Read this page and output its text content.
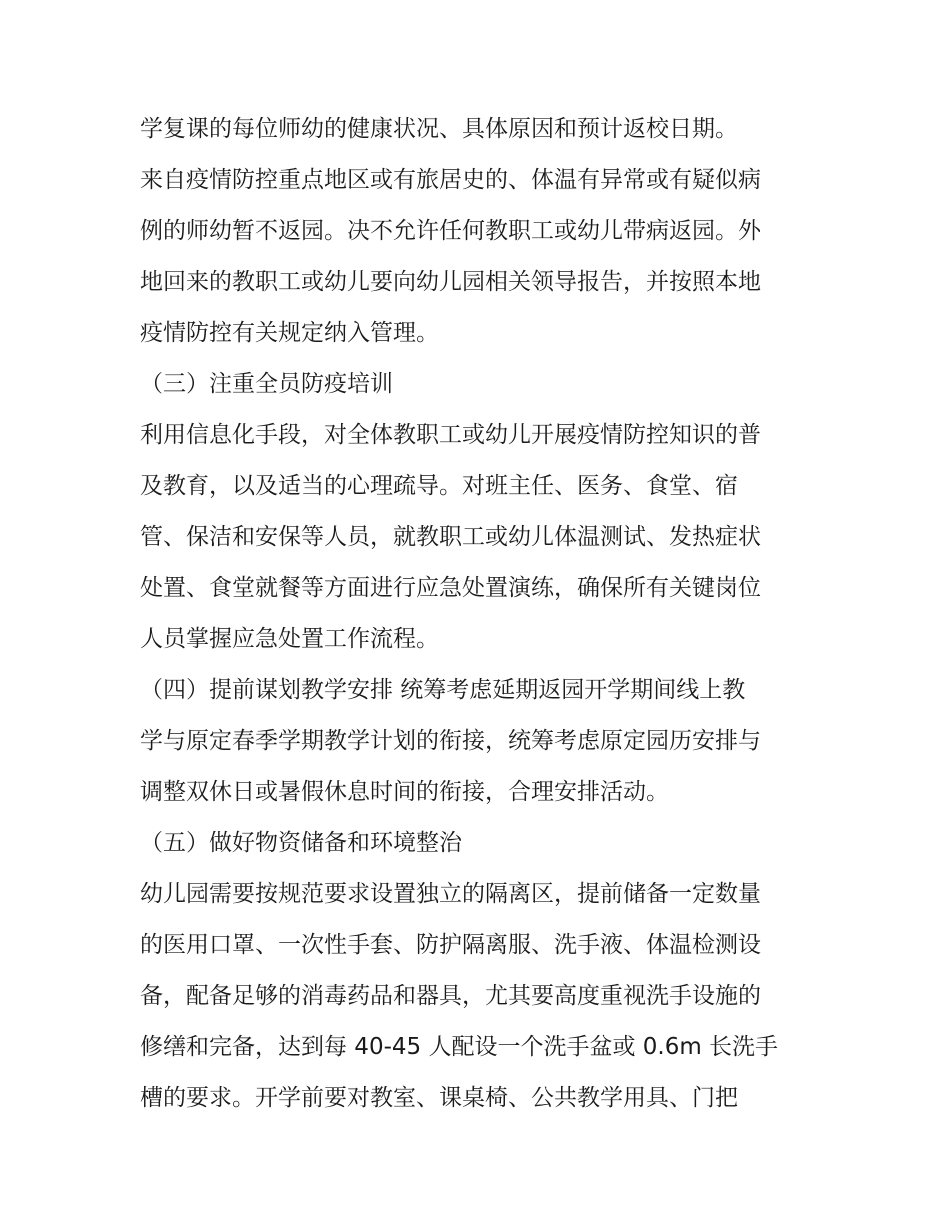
学复课的每位师幼的健康状况、具体原因和预计返校日期。
来自疫情防控重点地区或有旅居史的、体温有异常或有疑似病
例的师幼暂不返园。决不允许任何教职工或幼儿带病返园。外
地回来的教职工或幼儿要向幼儿园相关领导报告，并按照本地
疫情防控有关规定纳入管理。
（三）注重全员防疫培训
利用信息化手段，对全体教职工或幼儿开展疫情防控知识的普
及教育，以及适当的心理疏导。对班主任、医务、食堂、宿
管、保洁和安保等人员，就教职工或幼儿体温测试、发热症状
处置、食堂就餐等方面进行应急处置演练，确保所有关键岗位
人员掌握应急处置工作流程。
（四）提前谋划教学安排 统筹考虑延期返园开学期间线上教
学与原定春季学期教学计划的衔接，统筹考虑原定园历安排与
调整双休日或暑假休息时间的衔接，合理安排活动。
（五）做好物资储备和环境整治
幼儿园需要按规范要求设置独立的隔离区，提前储备一定数量
的医用口罩、一次性手套、防护隔离服、洗手液、体温检测设
备，配备足够的消毒药品和器具，尤其要高度重视洗手设施的
修缮和完备，达到每 40-45 人配设一个洗手盆或 0.6m 长洗手
槽的要求。开学前要对教室、课桌椅、公共教学用具、门把
